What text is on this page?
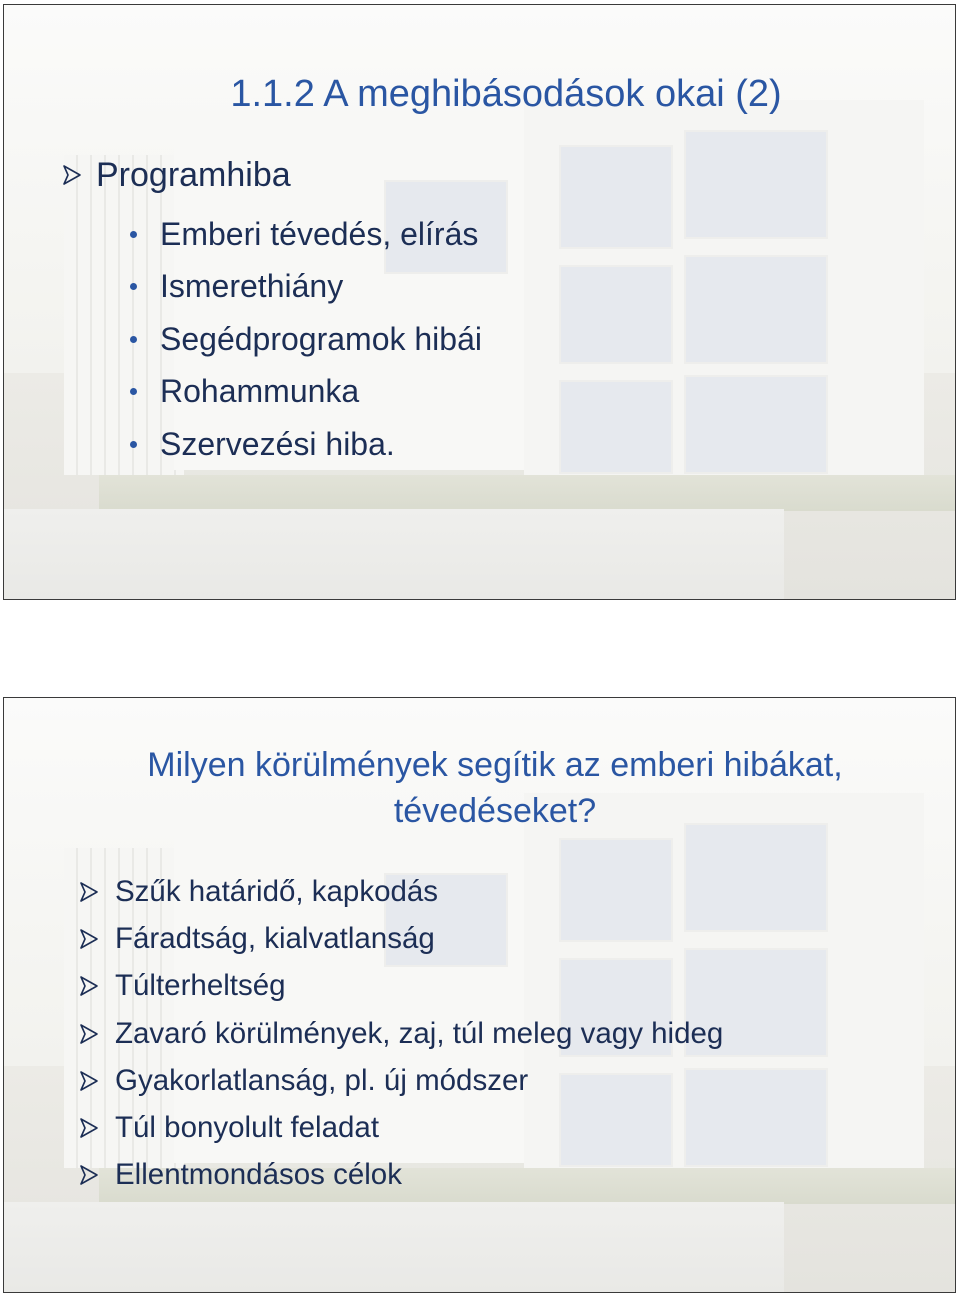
1.1.2 A meghibásodások okai (2)
Programhiba
Emberi tévedés, elírás
Ismerethiány
Segédprogramok hibái
Rohammunka
Szervezési hiba.
Milyen körülmények segítik az emberi hibákat,
tévedéseket?
Szűk határidő, kapkodás
Fáradtság, kialvatlanság
Túlterheltség
Zavaró körülmények, zaj, túl meleg vagy hideg
Gyakorlatlanság, pl. új módszer
Túl bonyolult feladat
Ellentmondásos célok
